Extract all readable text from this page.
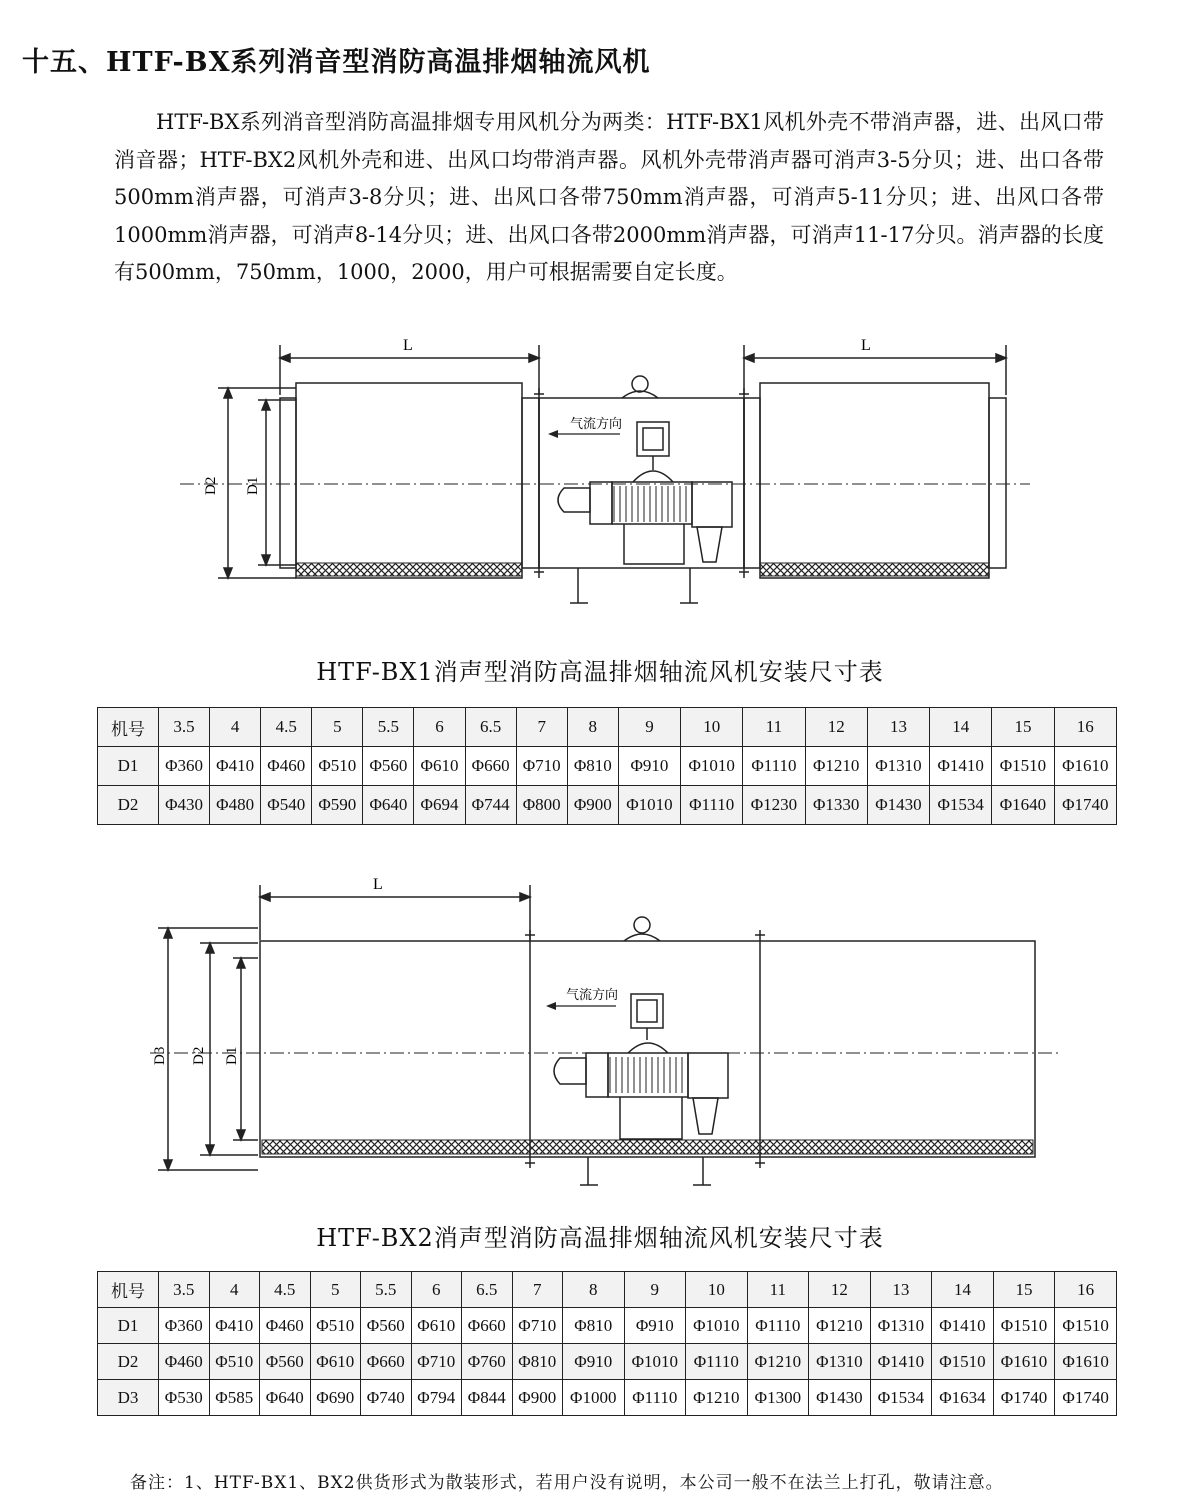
十五、HTF-BX系列消音型消防高温排烟轴流风机
HTF-BX系列消音型消防高温排烟专用风机分为两类：HTF-BX1风机外壳不带消声器，进、出风口带消音器；HTF-BX2风机外壳和进、出风口均带消声器。风机外壳带消声器可消声3-5分贝；进、出口各带500mm消声器，可消声3-8分贝；进、出风口各带750mm消声器，可消声5-11分贝；进、出风口各带1000mm消声器，可消声8-14分贝；进、出风口各带2000mm消声器，可消声11-17分贝。消声器的长度有500mm，750mm，1000，2000，用户可根据需要自定长度。
气流方向
L	L
D2 D1
HTF-BX1消声型消防高温排烟轴流风机安装尺寸表
机号	3.5	4	4.5	5	5.5	6	6.5	7	8	9	10	11	12	13	14	15	16
D1	Φ360	Φ410	Φ460	Φ510	Φ560	Φ610	Φ660	Φ710	Φ810	Φ910	Φ1010	Φ1110	Φ1210	Φ1310	Φ1410	Φ1510	Φ1610
D2	Φ430	Φ480	Φ540	Φ590	Φ640	Φ694	Φ744	Φ800	Φ900	Φ1010	Φ1110	Φ1230	Φ1330	Φ1430	Φ1534	Φ1640	Φ1740
气流方向
L
D3 D2 D1
HTF-BX2消声型消防高温排烟轴流风机安装尺寸表
机号	3.5	4	4.5	5	5.5	6	6.5	7	8	9	10	11	12	13	14	15	16
D1	Φ360	Φ410	Φ460	Φ510	Φ560	Φ610	Φ660	Φ710	Φ810	Φ910	Φ1010	Φ1110	Φ1210	Φ1310	Φ1410	Φ1510	Φ1510
D2	Φ460	Φ510	Φ560	Φ610	Φ660	Φ710	Φ760	Φ810	Φ910	Φ1010	Φ1110	Φ1210	Φ1310	Φ1410	Φ1510	Φ1610	Φ1610
D3	Φ530	Φ585	Φ640	Φ690	Φ740	Φ794	Φ844	Φ900	Φ1000	Φ1110	Φ1210	Φ1300	Φ1430	Φ1534	Φ1634	Φ1740	Φ1740
备注：1、HTF-BX1、BX2供货形式为散装形式，若用户没有说明，本公司一般不在法兰上打孔，敬请注意。
